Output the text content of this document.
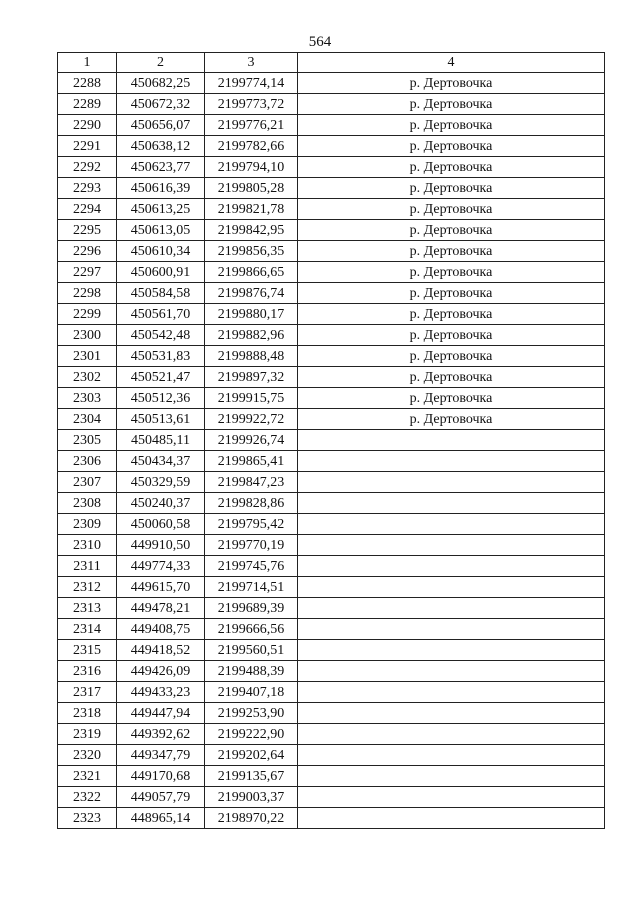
564
1	2	3	4
2288	450682,25	2199774,14	р. Дертовочка
2289	450672,32	2199773,72	р. Дертовочка
2290	450656,07	2199776,21	р. Дертовочка
2291	450638,12	2199782,66	р. Дертовочка
2292	450623,77	2199794,10	р. Дертовочка
2293	450616,39	2199805,28	р. Дертовочка
2294	450613,25	2199821,78	р. Дертовочка
2295	450613,05	2199842,95	р. Дертовочка
2296	450610,34	2199856,35	р. Дертовочка
2297	450600,91	2199866,65	р. Дертовочка
2298	450584,58	2199876,74	р. Дертовочка
2299	450561,70	2199880,17	р. Дертовочка
2300	450542,48	2199882,96	р. Дертовочка
2301	450531,83	2199888,48	р. Дертовочка
2302	450521,47	2199897,32	р. Дертовочка
2303	450512,36	2199915,75	р. Дертовочка
2304	450513,61	2199922,72	р. Дертовочка
2305	450485,11	2199926,74	
2306	450434,37	2199865,41	
2307	450329,59	2199847,23	
2308	450240,37	2199828,86	
2309	450060,58	2199795,42	
2310	449910,50	2199770,19	
2311	449774,33	2199745,76	
2312	449615,70	2199714,51	
2313	449478,21	2199689,39	
2314	449408,75	2199666,56	
2315	449418,52	2199560,51	
2316	449426,09	2199488,39	
2317	449433,23	2199407,18	
2318	449447,94	2199253,90	
2319	449392,62	2199222,90	
2320	449347,79	2199202,64	
2321	449170,68	2199135,67	
2322	449057,79	2199003,37	
2323	448965,14	2198970,22	
